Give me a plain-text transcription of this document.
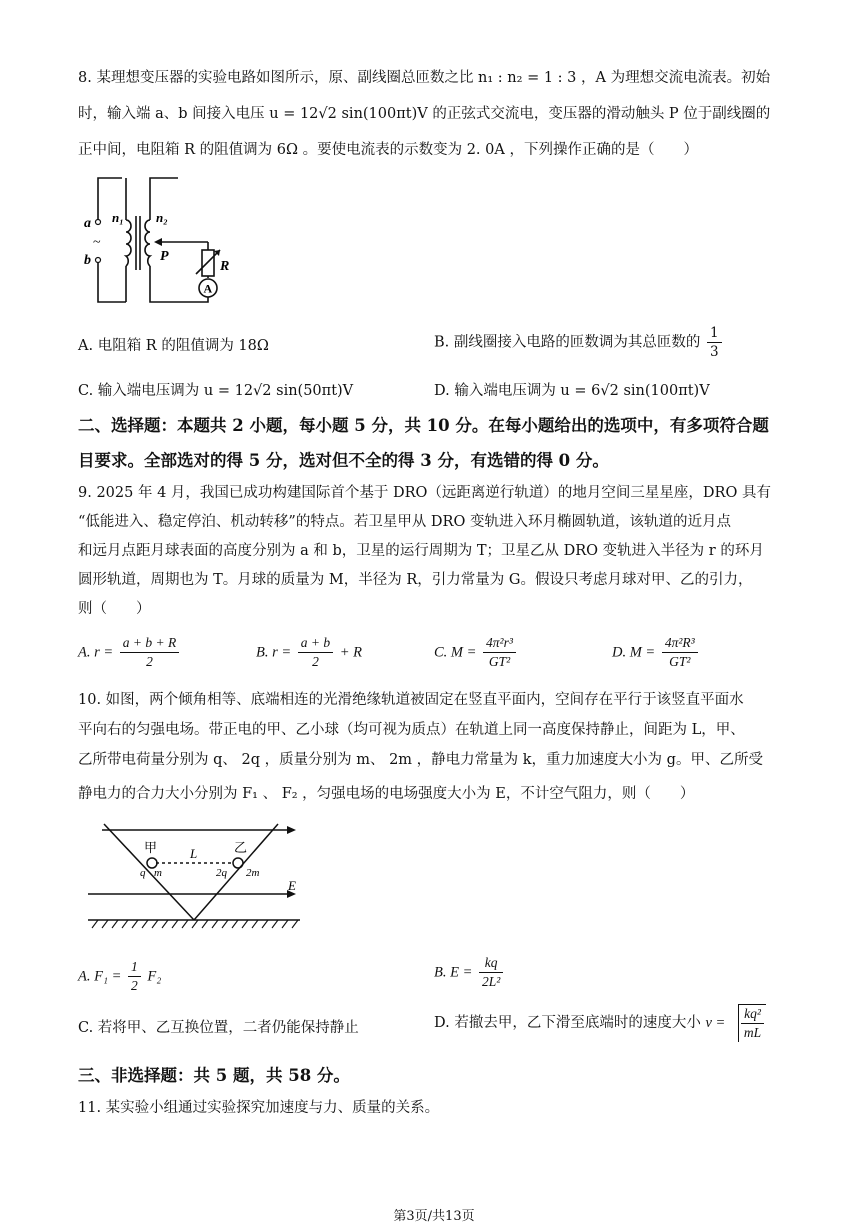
8. 某理想变压器的实验电路如图所示，原、副线圈总匝数之比 n₁ : n₂ = 1 : 3 ，A 为理想交流电流表。初始
时，输入端 a、b 间接入电压 u = 12√2 sin(100πt)V 的正弦式交流电，变压器的滑动触头 P 位于副线圈的
正中间，电阻箱 R 的阻值调为 6Ω 。要使电流表的示数变为 2. 0A ，下列操作正确的是（　　）
a
b
~
n₁ n₂
P
R
A
A. 电阻箱 R 的阻值调为 18Ω	B. 副线圈接入电路的匝数调为其总匝数的 $\frac{1}{3}$
C. 输入端电压调为 u = 12√2 sin(50πt)V	D. 输入端电压调为 u = 6√2 sin(100πt)V
二、选择题：本题共 2 小题，每小题 5 分，共 10 分。在每小题给出的选项中，有多项符合题
目要求。全部选对的得 5 分，选对但不全的得 3 分，有选错的得 0 分。
9. 2025 年 4 月，我国已成功构建国际首个基于 DRO（远距离逆行轨道）的地月空间三星星座，DRO 具有
“低能进入、稳定停泊、机动转移”的特点。若卫星甲从 DRO 变轨进入环月椭圆轨道，该轨道的近月点
和远月点距月球表面的高度分别为 a 和 b，卫星的运行周期为 T；卫星乙从 DRO 变轨进入半径为 r 的环月
圆形轨道，周期也为 T。月球的质量为 M，半径为 R，引力常量为 G。假设只考虑月球对甲、乙的引力，
则（　　）
A. $r = \frac{a + b + R}{2}$	B. $r = \frac{a + b}{2} + R$	C. $M = \frac{\text{4π²r³}}{\text{GT²}}$	D. $M = \frac{\text{4π²R³}}{\text{GT²}}$
10. 如图，两个倾角相等、底端相连的光滑绝缘轨道被固定在竖直平面内，空间存在平行于该竖直平面水
平向右的匀强电场。带正电的甲、乙小球（均可视为质点）在轨道上同一高度保持静止，间距为 L，甲、
乙所带电荷量分别为 q、 2q ，质量分别为 m、 2m ，静电力常量为 k，重力加速度大小为 g。甲、乙所受
静电力的合力大小分别为 F₁ 、 F₂ ，匀强电场的电场强度大小为 E，不计空气阻力，则（　　）
甲	乙
L
q m	2q 2m
E
A. $F_1 = \frac{1}{2} F_2$	B. $E = \frac{kq}{\text{2L²}}$
C. 若将甲、乙互换位置，二者仍能保持静止	D. 若撤去甲，乙下滑至底端时的速度大小 $v = \frac{\text{kq²}}{mL}$
三、非选择题：共 5 题，共 58 分。
11. 某实验小组通过实验探究加速度与力、质量的关系。
第3页/共13页
